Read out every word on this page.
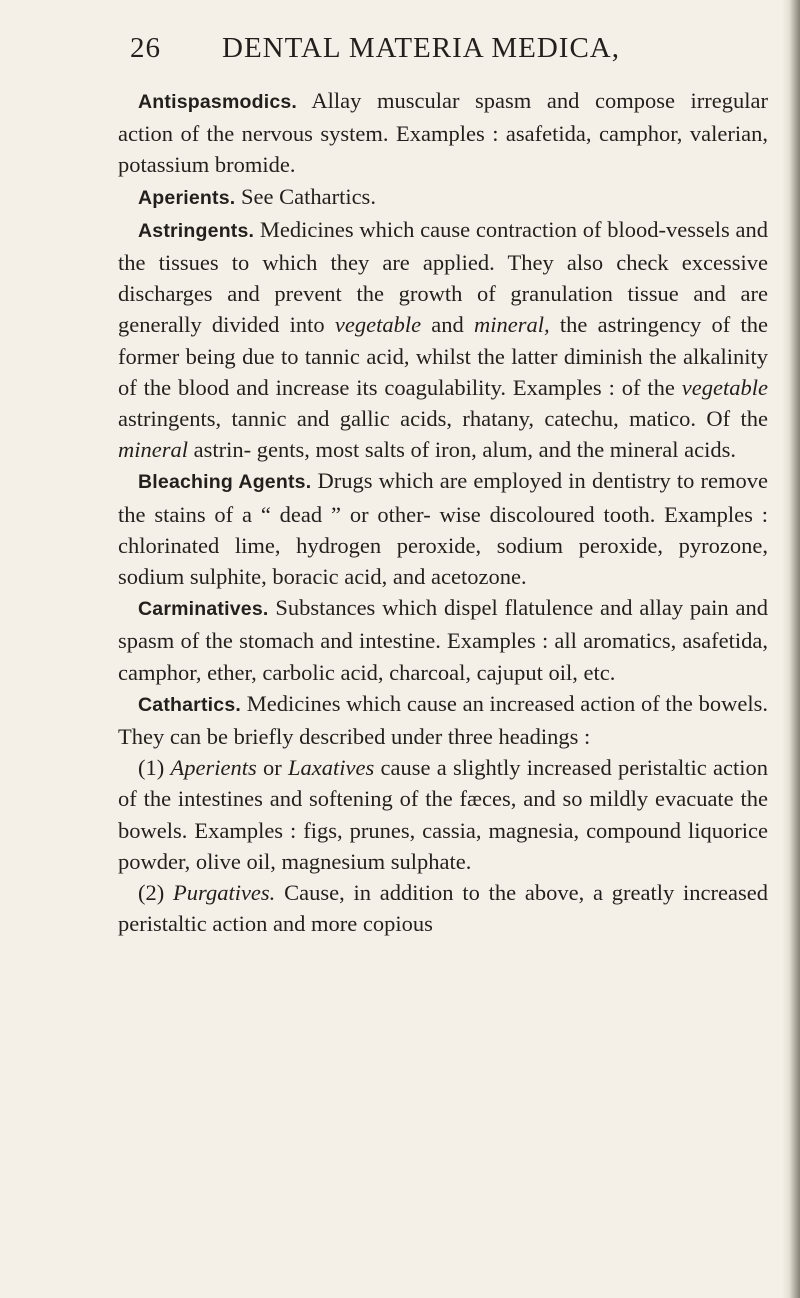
26 DENTAL MATERIA MEDICA,

Antispasmodics. Allay muscular spasm and compose irregular action of the nervous system. Examples : asafetida, camphor, valerian, potassium bromide.

Aperients. See Cathartics.

Astringents. Medicines which cause contraction of blood-vessels and the tissues to which they are applied. They also check excessive discharges and prevent the growth of granulation tissue and are generally divided into vegetable and mineral, the astringency of the former being due to tannic acid, whilst the latter diminish the alkalinity of the blood and increase its coagulability. Examples : of the vegetable astringents, tannic and gallic acids, rhatany, catechu, matico. Of the mineral astrin- gents, most salts of iron, alum, and the mineral acids.

Bleaching Agents. Drugs which are employed in dentistry to remove the stains of a “ dead ” or other- wise discoloured tooth. Examples : chlorinated lime, hydrogen peroxide, sodium peroxide, pyrozone, sodium sulphite, boracic acid, and acetozone.

Carminatives. Substances which dispel flatulence and allay pain and spasm of the stomach and intestine. Examples : all aromatics, asafetida, camphor, ether, carbolic acid, charcoal, cajuput oil, etc.

Cathartics. Medicines which cause an increased action of the bowels. They can be briefly described under three headings :

(1) Aperients or Laxatives cause a slightly increased peristaltic action of the intestines and softening of the fæces, and so mildly evacuate the bowels. Examples : figs, prunes, cassia, magnesia, compound liquorice powder, olive oil, magnesium sulphate.

(2) Purgatives. Cause, in addition to the above, a greatly increased peristaltic action and more copious
